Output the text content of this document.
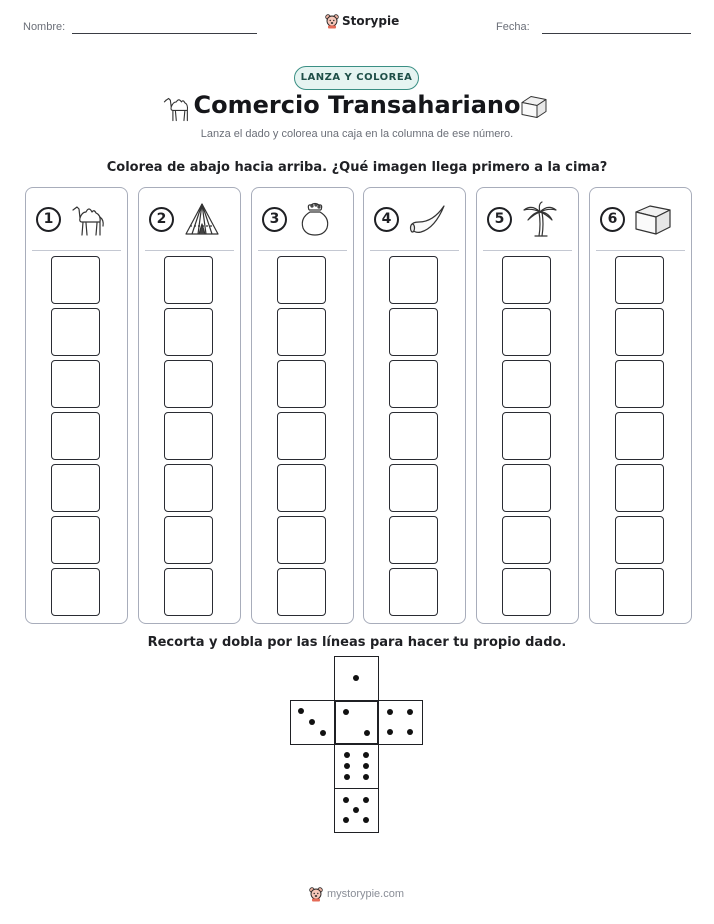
Nombre:	Storypie	Fecha:
LANZA Y COLOREA
Comercio Transahariano
Lanza el dado y colorea una caja en la columna de ese número.
Colorea de abajo hacia arriba. ¿Qué imagen llega primero a la cima?
1	2	3	4	5	6
Recorta y dobla por las líneas para hacer tu propio dado.
mystorypie.com
